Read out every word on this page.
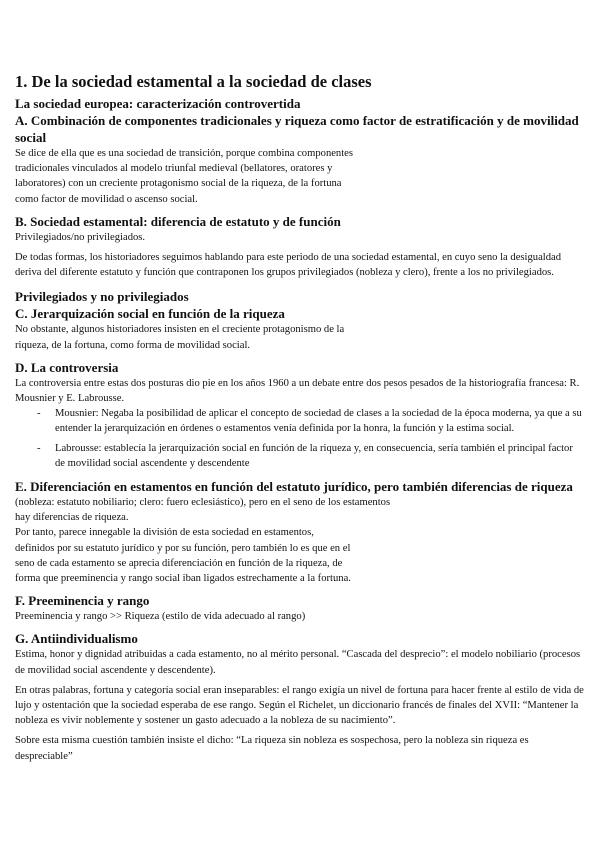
1. De la sociedad estamental a la sociedad de clases
La sociedad europea: caracterización controvertida
A. Combinación de componentes tradicionales y riqueza como factor de estratificación y de movilidad social
Se dice de ella que es una sociedad de transición, porque combina componentes
tradicionales vinculados al modelo triunfal medieval (bellatores, oratores y
laboratores) con un creciente protagonismo social de la riqueza, de la fortuna
como factor de movilidad o ascenso social.
B. Sociedad estamental: diferencia de estatuto y de función
Privilegiados/no privilegiados.
De todas formas, los historiadores seguimos hablando para este periodo de una sociedad estamental, en cuyo seno la desigualdad deriva del diferente estatuto y función que contraponen los grupos privilegiados (nobleza y clero), frente a los no privilegiados.
Privilegiados y no privilegiados
C. Jerarquización social en función de la riqueza
No obstante, algunos historiadores insisten en el creciente protagonismo de la
riqueza, de la fortuna, como forma de movilidad social.
D. La controversia
La controversia entre estas dos posturas dio pie en los años 1960 a un debate entre dos pesos pesados de la historiografía francesa: R. Mousnier y E. Labrousse.
- Mousnier: Negaba la posibilidad de aplicar el concepto de sociedad de clases a la sociedad de la época moderna, ya que a su entender la jerarquización en órdenes o estamentos venía definida por la honra, la función y la estima social.
- Labrousse: establecía la jerarquización social en función de la riqueza y, en consecuencia, sería también el principal factor de movilidad social ascendente y descendente
E. Diferenciación en estamentos en función del estatuto jurídico, pero también diferencias de riqueza
(nobleza: estatuto nobiliario; clero: fuero eclesiástico), pero en el seno de los estamentos
hay diferencias de riqueza.
Por tanto, parece innegable la división de esta sociedad en estamentos,
definidos por su estatuto jurídico y por su función, pero también lo es que en el
seno de cada estamento se aprecia diferenciación en función de la riqueza, de
forma que preeminencia y rango social iban ligados estrechamente a la fortuna.
F. Preeminencia y rango
Preeminencia y rango >> Riqueza (estilo de vida adecuado al rango)
G. Antiindividualismo
Estima, honor y dignidad atribuidas a cada estamento, no al mérito personal. “Cascada del desprecio”: el modelo nobiliario (procesos de movilidad social ascendente y descendente).
En otras palabras, fortuna y categoría social eran inseparables: el rango exigía un nivel de fortuna para hacer frente al estilo de vida de lujo y ostentación que la sociedad esperaba de ese rango. Según el Richelet, un diccionario francés de finales del XVII: “Mantener la nobleza es vivir noblemente y sostener un gasto adecuado a la nobleza de su nacimiento”.
Sobre esta misma cuestión también insiste el dicho: “La riqueza sin nobleza es sospechosa, pero la nobleza sin riqueza es despreciable”
